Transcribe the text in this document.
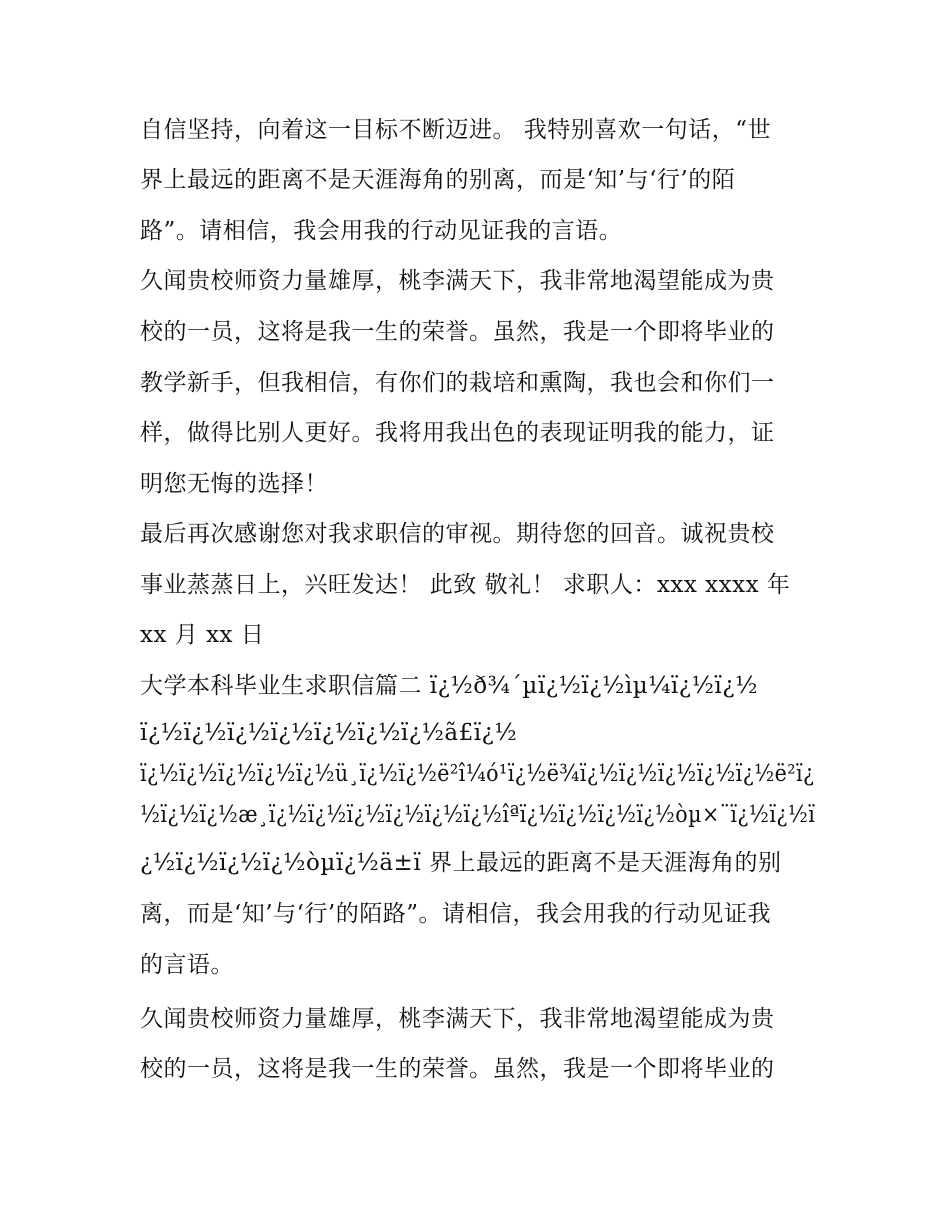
自信坚持，向着这一目标不断迈进。 我特别喜欢一句话，“世
界上最远的距离不是天涯海角的别离，而是‘知’与‘行’的陌
路”。请相信，我会用我的行动见证我的言语。
久闻贵校师资力量雄厚，桃李满天下，我非常地渴望能成为贵
校的一员，这将是我一生的荣誉。虽然，我是一个即将毕业的
教学新手，但我相信，有你们的栽培和熏陶，我也会和你们一
样，做得比别人更好。我将用我出色的表现证明我的能力，证
明您无悔的选择！
最后再次感谢您对我求职信的审视。期待您的回音。诚祝贵校
事业蒸蒸日上，兴旺发达！ 此致 敬礼！ 求职人：xxx xxxx 年
xx 月 xx 日
大学本科毕业生求职信篇二 ï¿½ð¾´µï¿½ï¿½ìµ¼ï¿½ï¿½
ï¿½ï¿½ï¿½ï¿½ï¿½ï¿½ï¿½ã£ï¿½
ï¿½ï¿½ï¿½ï¿½ï¿½ü¸ï¿½ï¿½ë²î¼ó¹ï¿½ë¾ï¿½ï¿½ï¿½ï¿½ï¿½ë²ï¿
½ï¿½ï¿½æ¸ï¿½ï¿½ï¿½ï¿½ï¿½ï¿½îªï¿½ï¿½ï¿½ï¿½òµ×¨ï¿½ï¿½ï
¿½ï¿½ï¿½ï¿½òµï¿½ä±ï 界上最远的距离不是天涯海角的别
离，而是‘知’与‘行’的陌路”。请相信，我会用我的行动见证我
的言语。
久闻贵校师资力量雄厚，桃李满天下，我非常地渴望能成为贵
校的一员，这将是我一生的荣誉。虽然，我是一个即将毕业的
